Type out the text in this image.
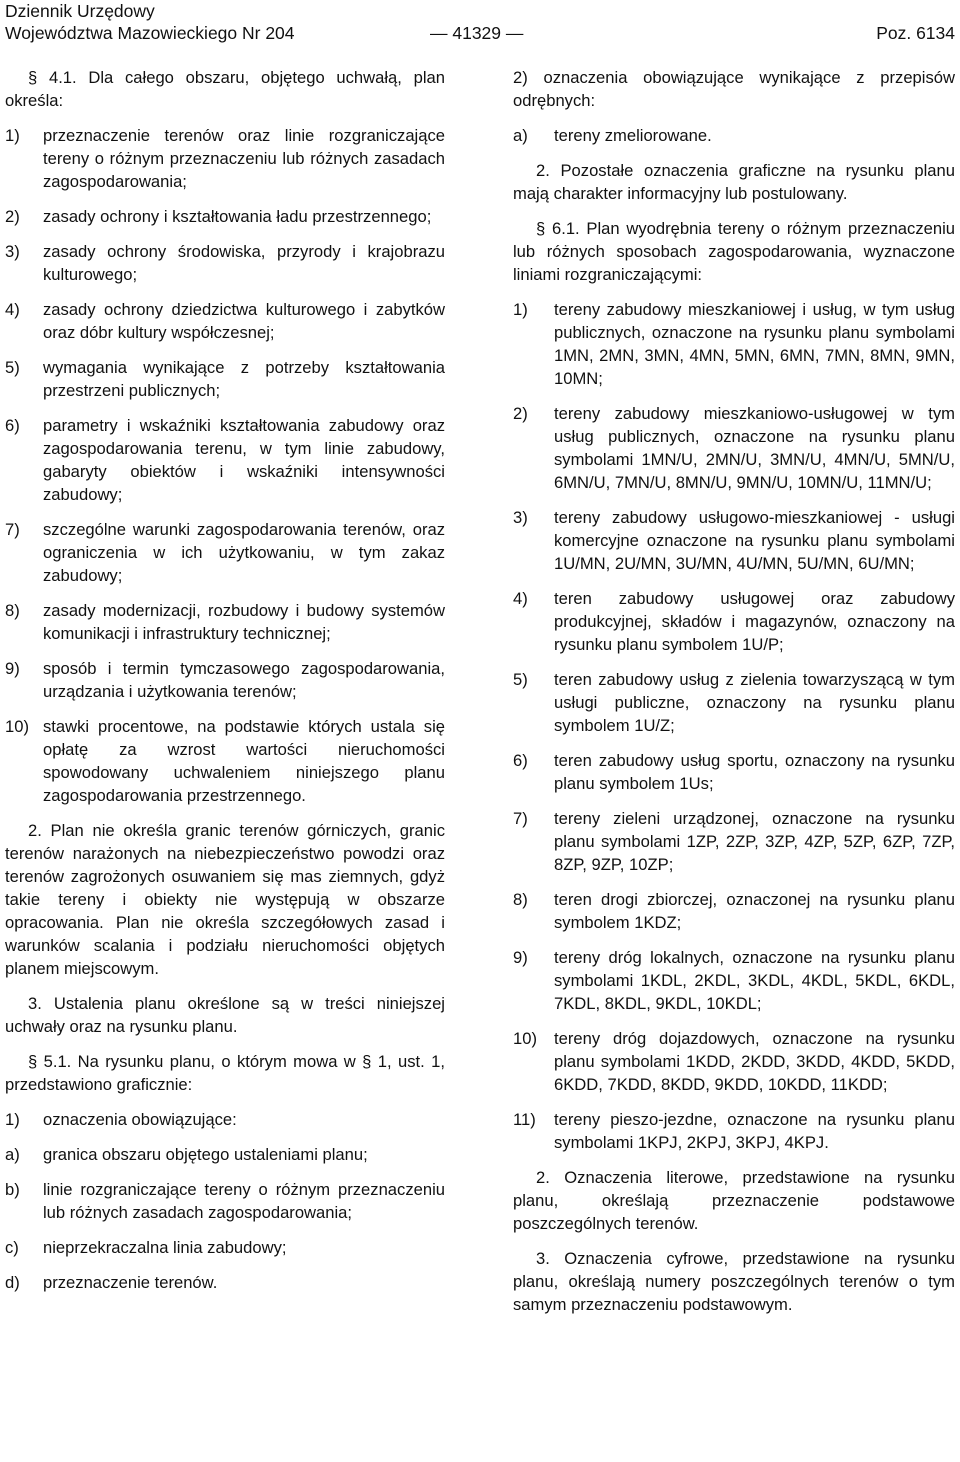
Dziennik Urzędowy
Województwa Mazowieckiego Nr 204	Poz. 6134
— 41329 —

§ 4.1. Dla całego obszaru, objętego uchwałą, plan określa:

1)	przeznaczenie terenów oraz linie rozgraniczające tereny o różnym przeznaczeniu lub różnych zasadach zagospodarowania;
2)	zasady ochrony i kształtowania ładu przestrzennego;
3)	zasady ochrony środowiska, przyrody i krajobrazu kulturowego;
4)	zasady ochrony dziedzictwa kulturowego i zabytków oraz dóbr kultury współczesnej;
5)	wymagania wynikające z potrzeby kształtowania przestrzeni publicznych;
6)	parametry i wskaźniki kształtowania zabudowy oraz zagospodarowania terenu, w tym linie zabudowy, gabaryty obiektów i wskaźniki intensywności zabudowy;
7)	szczególne warunki zagospodarowania terenów, oraz ograniczenia w ich użytkowaniu, w tym zakaz zabudowy;
8)	zasady modernizacji, rozbudowy i budowy systemów komunikacji i infrastruktury technicznej;
9)	sposób i termin tymczasowego zagospodarowania, urządzania i użytkowania terenów;
10) stawki procentowe, na podstawie których ustala się opłatę za wzrost wartości nieruchomości spowodowany uchwaleniem niniejszego planu zagospodarowania przestrzennego.

2. Plan nie określa granic terenów górniczych, granic terenów narażonych na niebezpieczeństwo powodzi oraz terenów zagrożonych osuwaniem się mas ziemnych, gdyż takie tereny i obiekty nie występują w obszarze opracowania. Plan nie określa szczegółowych zasad i warunków scalania i podziału nieruchomości objętych planem miejscowym.

3. Ustalenia planu określone są w treści niniejszej uchwały oraz na rysunku planu.

§ 5.1. Na rysunku planu, o którym mowa w § 1, ust. 1, przedstawiono graficznie:

1)	oznaczenia obowiązujące:
a)	granica obszaru objętego ustaleniami planu;
b)	linie rozgraniczające tereny o różnym przeznaczeniu lub różnych zasadach zagospodarowania;
c)	nieprzekraczalna linia zabudowy;
d)	przeznaczenie terenów.

2) oznaczenia obowiązujące wynikające z przepisów odrębnych:

a)	tereny zmeliorowane.

2. Pozostałe oznaczenia graficzne na rysunku planu mają charakter informacyjny lub postulowany.

§ 6.1. Plan wyodrębnia tereny o różnym przeznaczeniu lub różnych sposobach zagospodarowania, wyznaczone liniami rozgraniczającymi:

1)	tereny zabudowy mieszkaniowej i usług, w tym usług publicznych, oznaczone na rysunku planu symbolami 1MN, 2MN, 3MN, 4MN, 5MN, 6MN, 7MN, 8MN, 9MN, 10MN;
2)	tereny zabudowy mieszkaniowo-usługowej w tym usług publicznych, oznaczone na rysunku planu symbolami 1MN/U, 2MN/U, 3MN/U, 4MN/U, 5MN/U, 6MN/U, 7MN/U, 8MN/U, 9MN/U, 10MN/U, 11MN/U;
3)	tereny zabudowy usługowo-mieszkaniowej - usługi komercyjne oznaczone na rysunku planu symbolami 1U/MN, 2U/MN, 3U/MN, 4U/MN, 5U/MN, 6U/MN;
4)	teren zabudowy usługowej oraz zabudowy produkcyjnej, składów i magazynów, oznaczony na rysunku planu symbolem 1U/P;
5)	teren zabudowy usług z zielenia towarzyszącą w tym usługi publiczne, oznaczony na rysunku planu symbolem 1U/Z;
6)	teren zabudowy usług sportu, oznaczony na rysunku planu symbolem 1Us;
7)	tereny zieleni urządzonej, oznaczone na rysunku planu symbolami 1ZP, 2ZP, 3ZP, 4ZP, 5ZP, 6ZP, 7ZP, 8ZP, 9ZP, 10ZP;
8)	teren drogi zbiorczej, oznaczonej na rysunku planu symbolem 1KDZ;
9)	tereny dróg lokalnych, oznaczone na rysunku planu symbolami 1KDL, 2KDL, 3KDL, 4KDL, 5KDL, 6KDL, 7KDL, 8KDL, 9KDL, 10KDL;
10)	tereny dróg dojazdowych, oznaczone na rysunku planu symbolami 1KDD, 2KDD, 3KDD, 4KDD, 5KDD, 6KDD, 7KDD, 8KDD, 9KDD, 10KDD, 11KDD;
11)	tereny pieszo-jezdne, oznaczone na rysunku planu symbolami 1KPJ, 2KPJ, 3KPJ, 4KPJ.

2. Oznaczenia literowe, przedstawione na rysunku planu, określają przeznaczenie podstawowe poszczególnych terenów.

3. Oznaczenia cyfrowe, przedstawione na rysunku planu, określają numery poszczególnych terenów o tym samym przeznaczeniu podstawowym.
